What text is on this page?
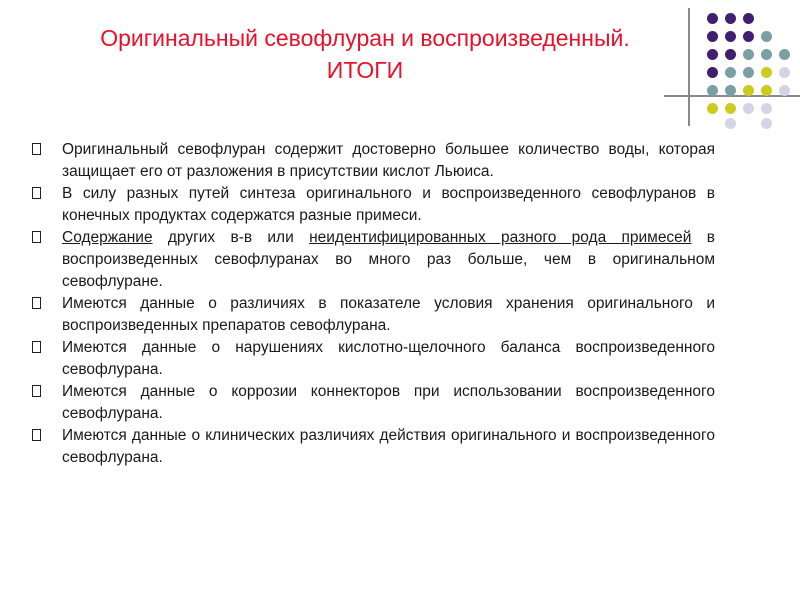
Оригинальный севофлуран и воспроизведенный.
ИТОГИ
Оригинальный севофлуран содержит достоверно большее количество воды, которая защищает его от разложения в присутствии кислот Льюиса.
В силу разных путей синтеза оригинального и воспроизведенного севофлуранов в конечных продуктах содержатся разные примеси.
Содержание других в-в или неидентифицированных разного рода примесей в воспроизведенных севофлуранах во много раз больше, чем в оригинальном севофлуране.
Имеются данные о различиях в показателе условия хранения оригинального и воспроизведенных препаратов севофлурана.
Имеются данные о нарушениях кислотно-щелочного баланса воспроизведенного севофлурана.
Имеются данные о коррозии коннекторов при использовании воспроизведенного севофлурана.
Имеются данные о клинических различиях действия оригинального и воспроизведенного севофлурана.
